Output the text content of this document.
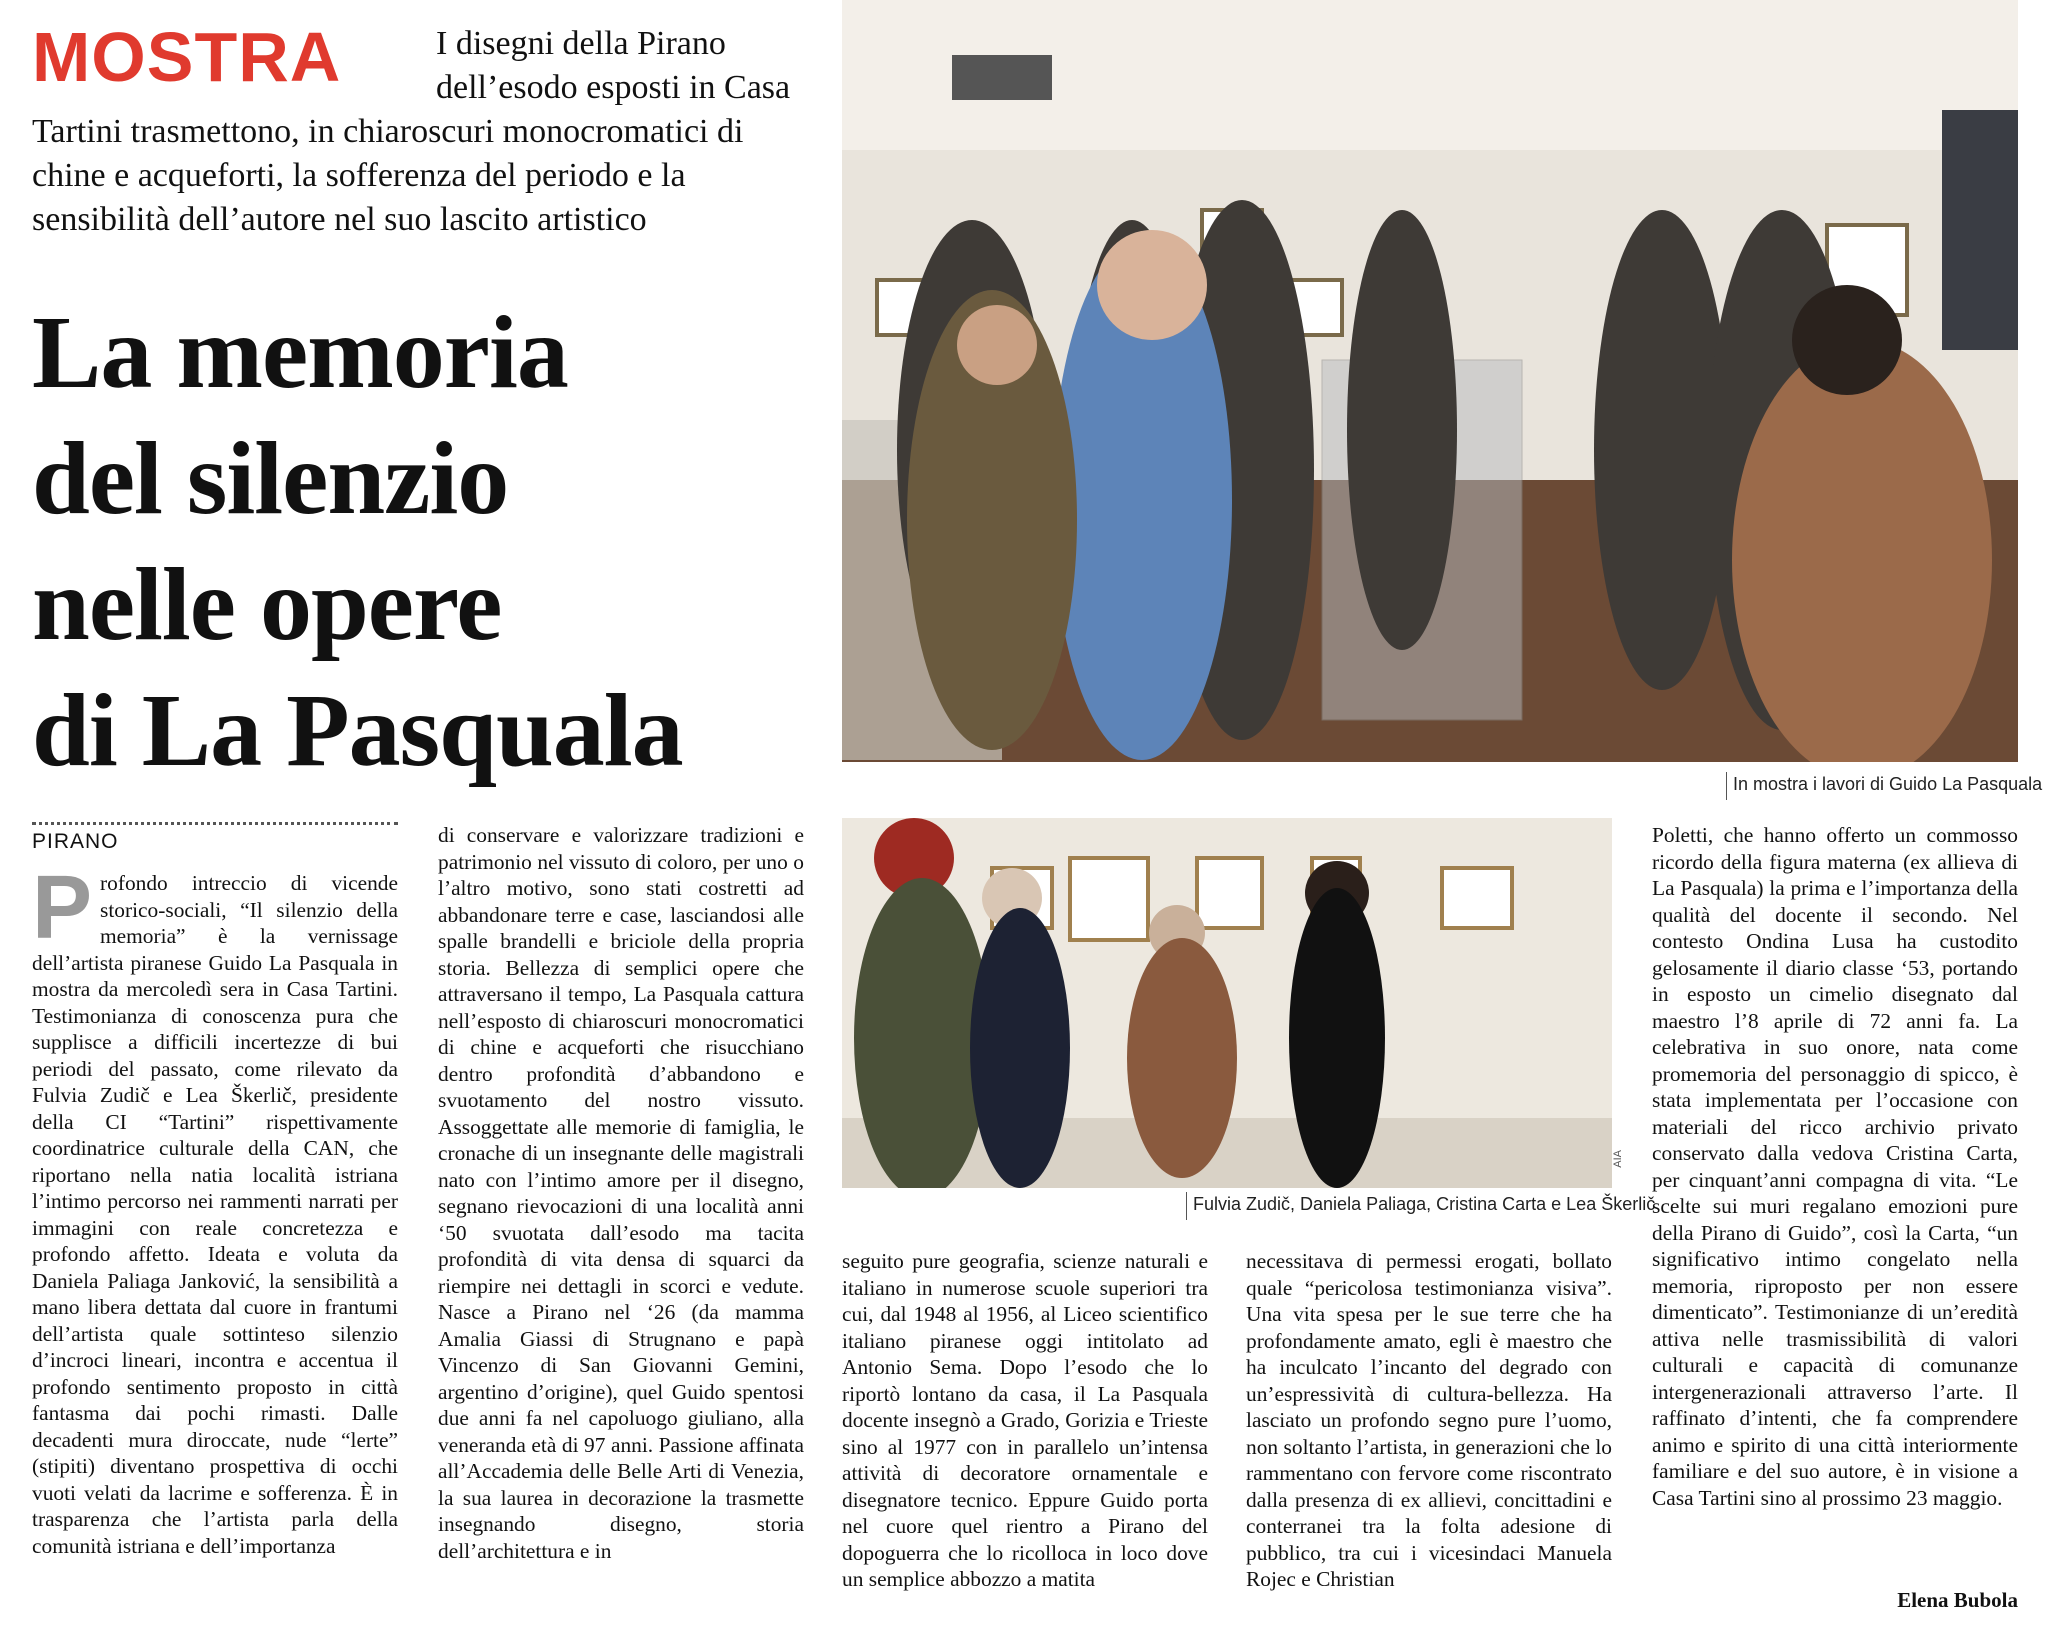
MOSTRA	I disegni della Pirano dell’esodo esposti in Casa
Tartini trasmettono, in chiaroscuri monocromatici di chine e acqueforti, la sofferenza del periodo e la sensibilità dell’autore nel suo lascito artistico
La memoria
del silenzio
nelle opere
di La Pasquala	In mostra i lavori di Guido La Pasquala
AIA
Fulvia Zudič, Daniela Paliaga, Cristina Carta e Lea Škerlič
PIRANO
Profondo intreccio di vicende storico-sociali, “Il silenzio della memoria” è la vernissage dell’artista piranese Guido La Pasquala in mostra da mercoledì sera in Casa Tartini. Testimonianza di conoscenza pura che supplisce a difficili incertezze di bui periodi del passato, come rilevato da Fulvia Zudič e Lea Škerlič, presidente della CI “Tartini” rispettivamente coordinatrice culturale della CAN, che riportano nella natia località istriana l’intimo percorso nei rammenti narrati per immagini con reale concretezza e profondo affetto. Ideata e voluta da Daniela Paliaga Janković, la sensibilità a mano libera dettata dal cuore in frantumi dell’artista quale sottinteso silenzio d’incroci lineari, incontra e accentua il profondo sentimento proposto in città fantasma dai pochi rimasti. Dalle decadenti mura diroccate, nude “lerte” (stipiti) diventano prospettiva di occhi vuoti velati da lacrime e sofferenza. È in trasparenza che l’artista parla della comunità istriana e dell’importanza
di conservare e valorizzare tradizioni e patrimonio nel vissuto di coloro, per uno o l’altro motivo, sono stati costretti ad abbandonare terre e case, lasciandosi alle spalle brandelli e briciole della propria storia. Bellezza di semplici opere che attraversano il tempo, La Pasquala cattura nell’esposto di chiaroscuri monocromatici di chine e acqueforti che risucchiano dentro profondità d’abbandono e svuotamento del nostro vissuto. Assoggettate alle memorie di famiglia, le cronache di un insegnante delle magistrali nato con l’intimo amore per il disegno, segnano rievocazioni di una località anni ‘50 svuotata dall’esodo ma tacita profondità di vita densa di squarci da riempire nei dettagli in scorci e vedute. Nasce a Pirano nel ‘26 (da mamma Amalia Giassi di Strugnano e papà Vincenzo di San Giovanni Gemini, argentino d’origine), quel Guido spentosi due anni fa nel capoluogo giuliano, alla veneranda età di 97 anni. Passione affinata all’Accademia delle Belle Arti di Venezia, la sua laurea in decorazione la trasmette insegnando disegno, storia dell’architettura e in
seguito pure geografia, scienze naturali e italiano in numerose scuole superiori tra cui, dal 1948 al 1956, al Liceo scientifico italiano piranese oggi intitolato ad Antonio Sema. Dopo l’esodo che lo riportò lontano da casa, il La Pasquala docente insegnò a Grado, Gorizia e Trieste sino al 1977 con in parallelo un’intensa attività di decoratore ornamentale e disegnatore tecnico. Eppure Guido porta nel cuore quel rientro a Pirano del dopoguerra che lo ricolloca in loco dove un semplice abbozzo a matita
necessitava di permessi erogati, bollato quale “pericolosa testimonianza visiva”. Una vita spesa per le sue terre che ha profondamente amato, egli è maestro che ha inculcato l’incanto del degrado con un’espressività di cultura-bellezza. Ha lasciato un profondo segno pure l’uomo, non soltanto l’artista, in generazioni che lo rammentano con fervore come riscontrato dalla presenza di ex allievi, concittadini e conterranei tra la folta adesione di pubblico, tra cui i vicesindaci Manuela Rojec e Christian
Poletti, che hanno offerto un commosso ricordo della figura materna (ex allieva di La Pasquala) la prima e l’importanza della qualità del docente il secondo. Nel contesto Ondina Lusa ha custodito gelosamente il diario classe ‘53, portando in esposto un cimelio disegnato dal maestro l’8 aprile di 72 anni fa. La celebrativa in suo onore, nata come promemoria del personaggio di spicco, è stata implementata per l’occasione con materiali del ricco archivio privato conservato dalla vedova Cristina Carta, per cinquant’anni compagna di vita. “Le scelte sui muri regalano emozioni pure della Pirano di Guido”, così la Carta, “un significativo intimo congelato nella memoria, riproposto per non essere dimenticato”. Testimonianze di un’eredità attiva nelle trasmissibilità di valori culturali e capacità di comunanze intergenerazionali attraverso l’arte. Il raffinato d’intenti, che fa comprendere animo e spirito di una città interiormente familiare e del suo autore, è in visione a Casa Tartini sino al prossimo 23 maggio.
Elena Bubola
